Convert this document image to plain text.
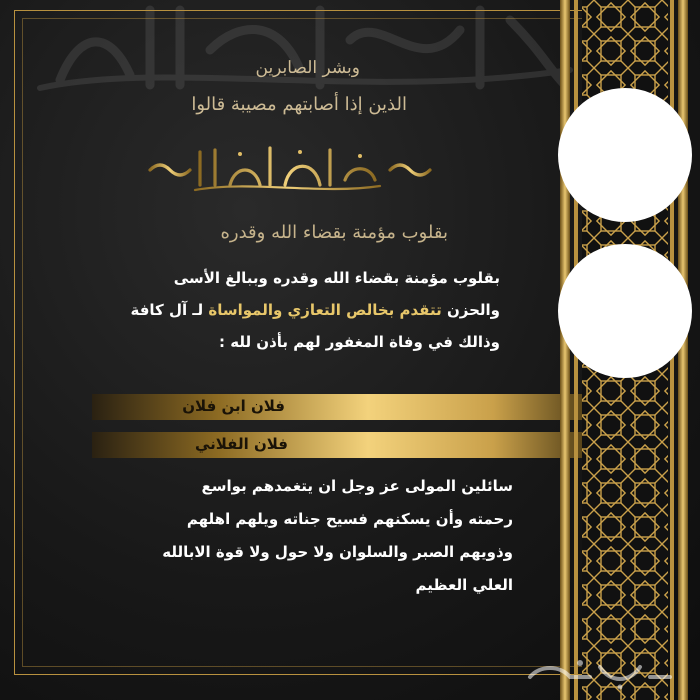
وبشر الصابرين
الذين إذا أصابتهم مصيبة قالوا
بقلوب مؤمنة بقضاء الله وقدره
بقلوب مؤمنة بقضاء الله وقدره وببالغ الأسى
والحزن تتقدم بخالص التعازي والمواساة لـ آل كافة
وذالك في وفاة المغفور لهم بأذن لله :
فلان ابن فلان
فلان الفلاني
سائلين المولى عز وجل ان يتغمدهم بواسع
رحمته وأن يسكنهم فسيح جناته ويلهم اهلهم
وذويهم الصبر والسلوان ولا حول ولا قوة الابالله
العلي العظيم
